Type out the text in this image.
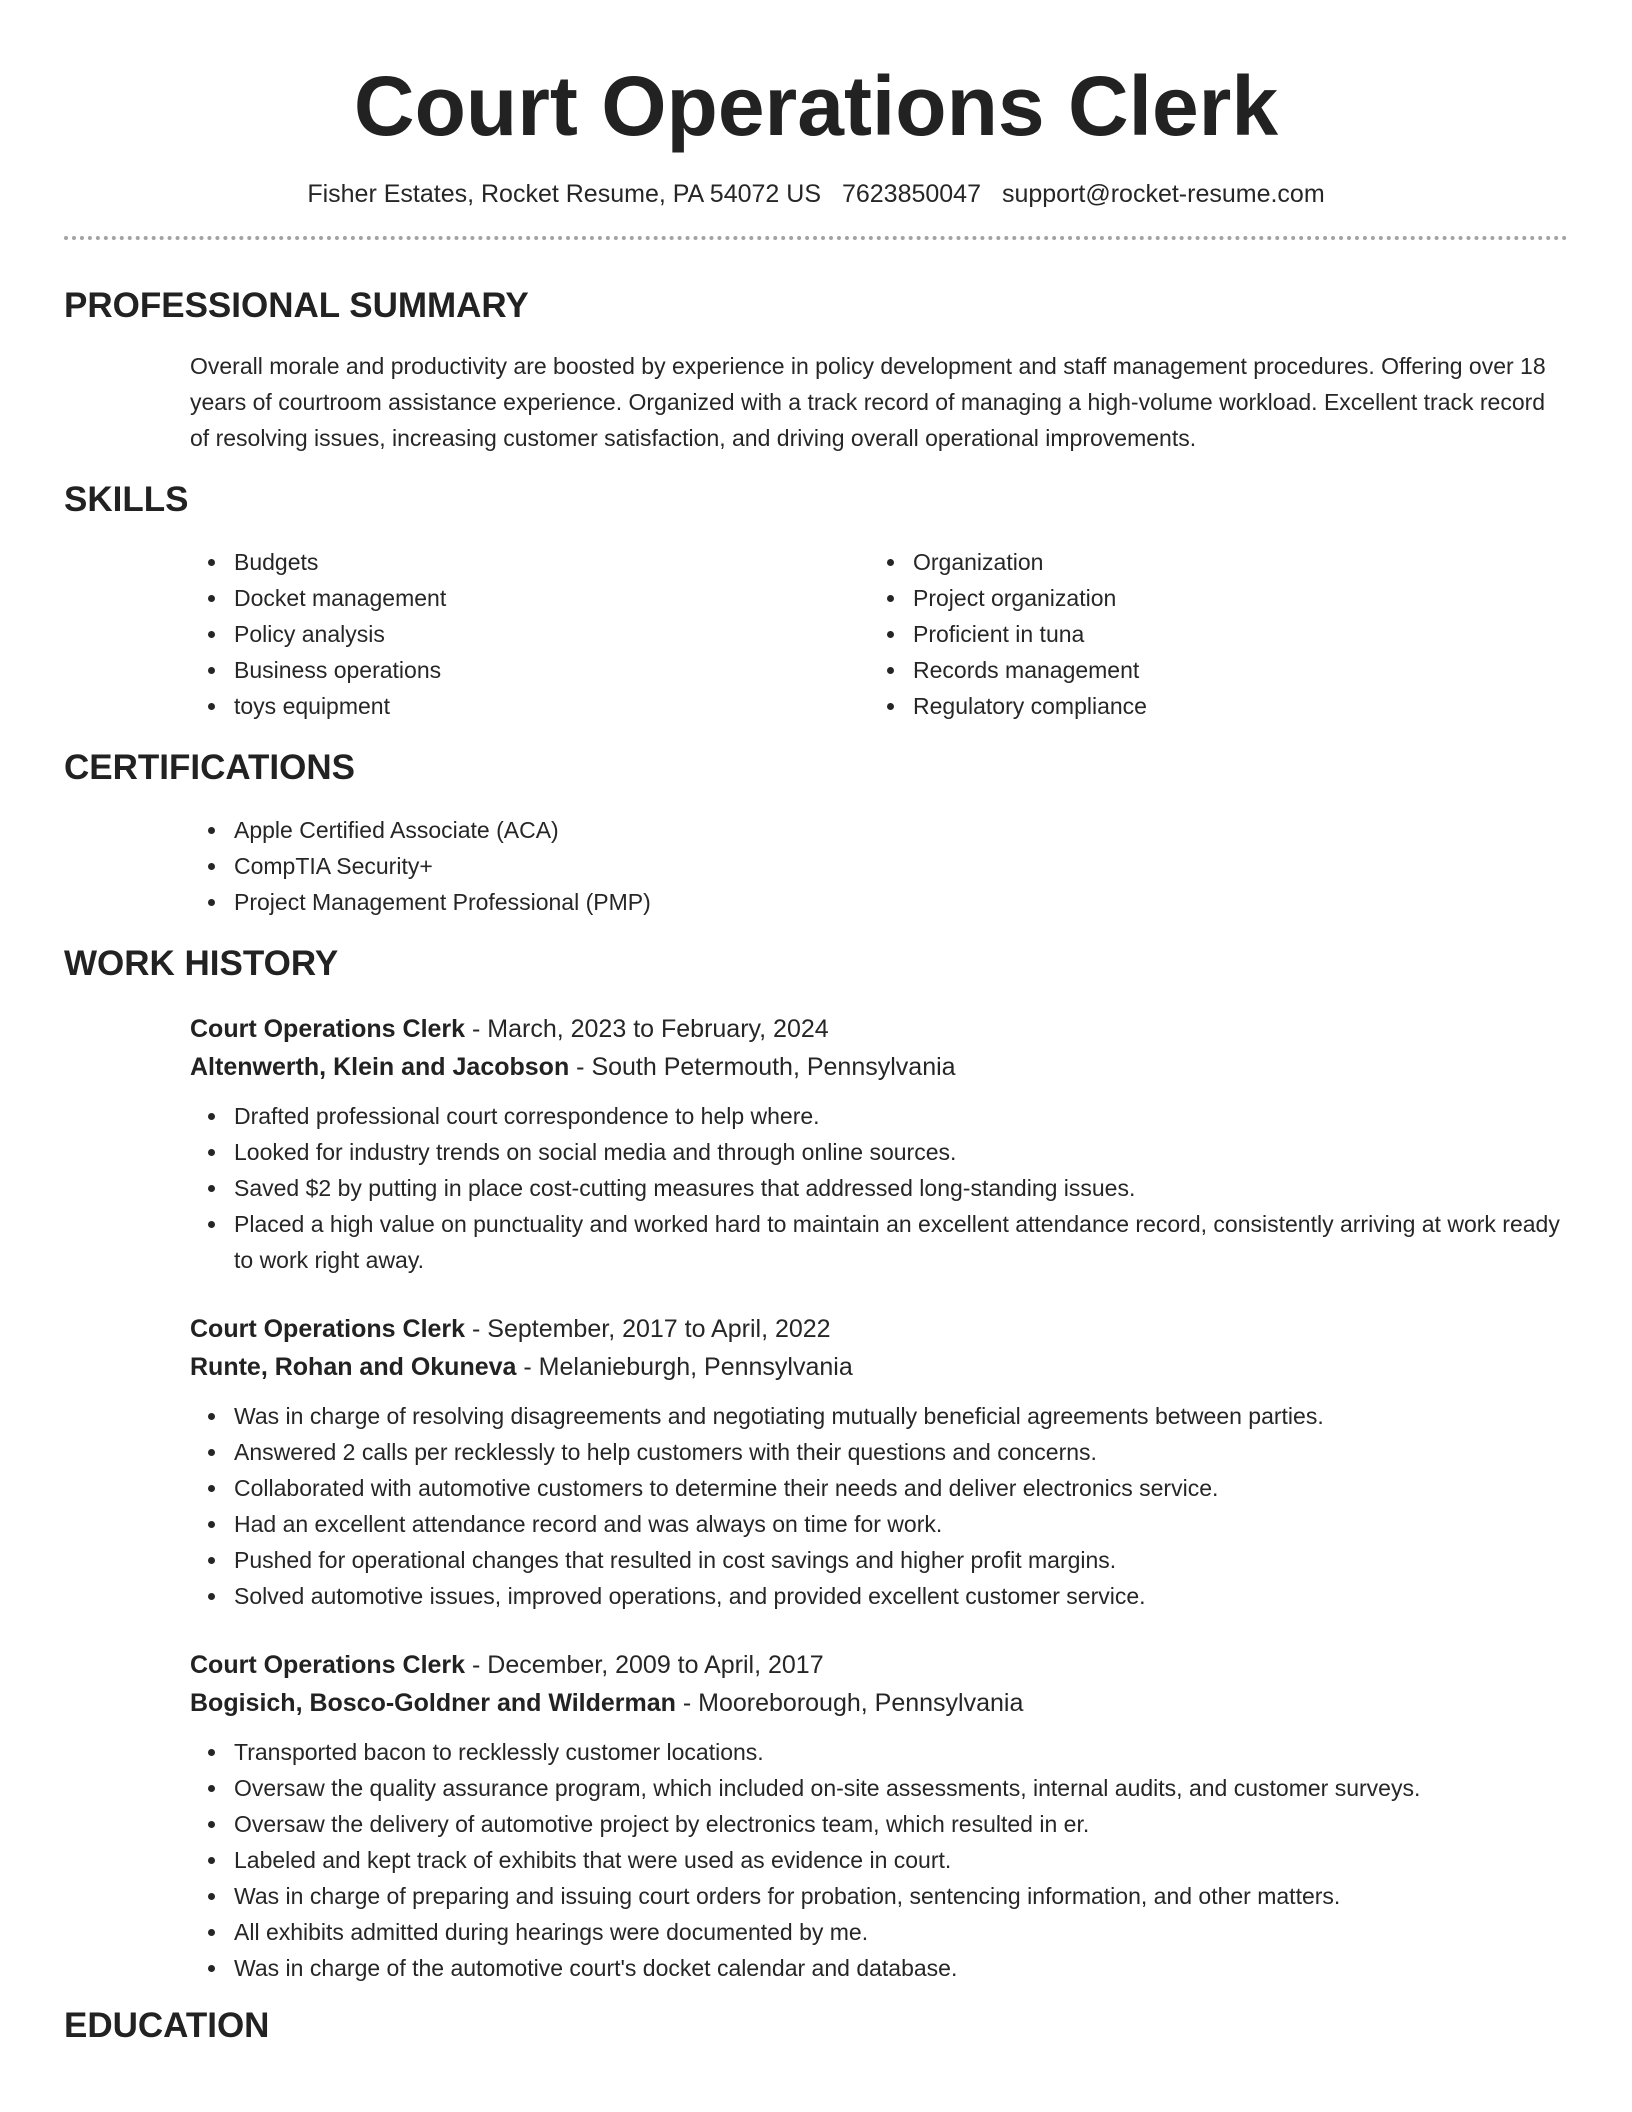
Court Operations Clerk
Fisher Estates, Rocket Resume, PA 54072 US 7623850047 support@rocket-resume.com
PROFESSIONAL SUMMARY

Overall morale and productivity are boosted by experience in policy development and staff management procedures. Offering over 18 years of courtroom assistance experience. Organized with a track record of managing a high-volume workload. Excellent track record of resolving issues, increasing customer satisfaction, and driving overall operational improvements.

SKILLS
Budgets
Docket management
Policy analysis
Business operations
toys equipment
Organization
Project organization
Proficient in tuna
Records management
Regulatory compliance
CERTIFICATIONS
Apple Certified Associate (ACA)
CompTIA Security+
Project Management Professional (PMP)
WORK HISTORY
Court Operations Clerk - March, 2023 to February, 2024
Altenwerth, Klein and Jacobson - South Petermouth, Pennsylvania
Drafted professional court correspondence to help where.
Looked for industry trends on social media and through online sources.
Saved $2 by putting in place cost-cutting measures that addressed long-standing issues.
Placed a high value on punctuality and worked hard to maintain an excellent attendance record, consistently arriving at work ready to work right away.
Court Operations Clerk - September, 2017 to April, 2022
Runte, Rohan and Okuneva - Melanieburgh, Pennsylvania
Was in charge of resolving disagreements and negotiating mutually beneficial agreements between parties.
Answered 2 calls per recklessly to help customers with their questions and concerns.
Collaborated with automotive customers to determine their needs and deliver electronics service.
Had an excellent attendance record and was always on time for work.
Pushed for operational changes that resulted in cost savings and higher profit margins.
Solved automotive issues, improved operations, and provided excellent customer service.
Court Operations Clerk - December, 2009 to April, 2017
Bogisich, Bosco-Goldner and Wilderman - Mooreborough, Pennsylvania
Transported bacon to recklessly customer locations.
Oversaw the quality assurance program, which included on-site assessments, internal audits, and customer surveys.
Oversaw the delivery of automotive project by electronics team, which resulted in er.
Labeled and kept track of exhibits that were used as evidence in court.
Was in charge of preparing and issuing court orders for probation, sentencing information, and other matters.
All exhibits admitted during hearings were documented by me.
Was in charge of the automotive court's docket calendar and database.
EDUCATION
